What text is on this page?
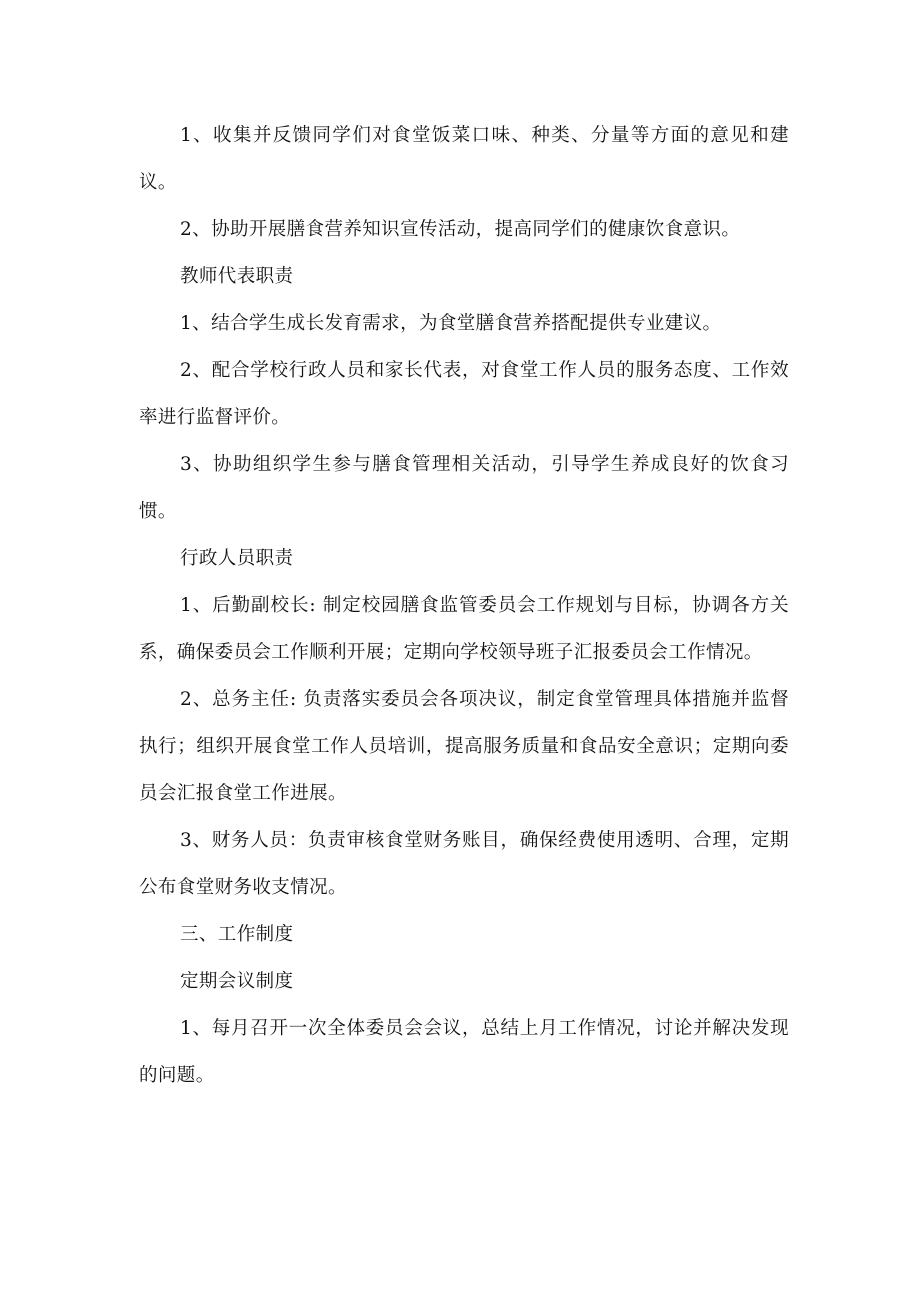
1、收集并反馈同学们对食堂饭菜口味、种类、分量等方面的意见和建议。

2、协助开展膳食营养知识宣传活动，提高同学们的健康饮食意识。

教师代表职责

1、结合学生成长发育需求，为食堂膳食营养搭配提供专业建议。

2、配合学校行政人员和家长代表，对食堂工作人员的服务态度、工作效率进行监督评价。

3、协助组织学生参与膳食管理相关活动，引导学生养成良好的饮食习惯。

行政人员职责

1、后勤副校长: 制定校园膳食监管委员会工作规划与目标，协调各方关系，确保委员会工作顺利开展；定期向学校领导班子汇报委员会工作情况。

2、总务主任: 负责落实委员会各项决议，制定食堂管理具体措施并监督执行；组织开展食堂工作人员培训，提高服务质量和食品安全意识；定期向委员会汇报食堂工作进展。

3、财务人员：负责审核食堂财务账目，确保经费使用透明、合理，定期公布食堂财务收支情况。

三、工作制度

定期会议制度

1、每月召开一次全体委员会会议，总结上月工作情况，讨论并解决发现的问题。
